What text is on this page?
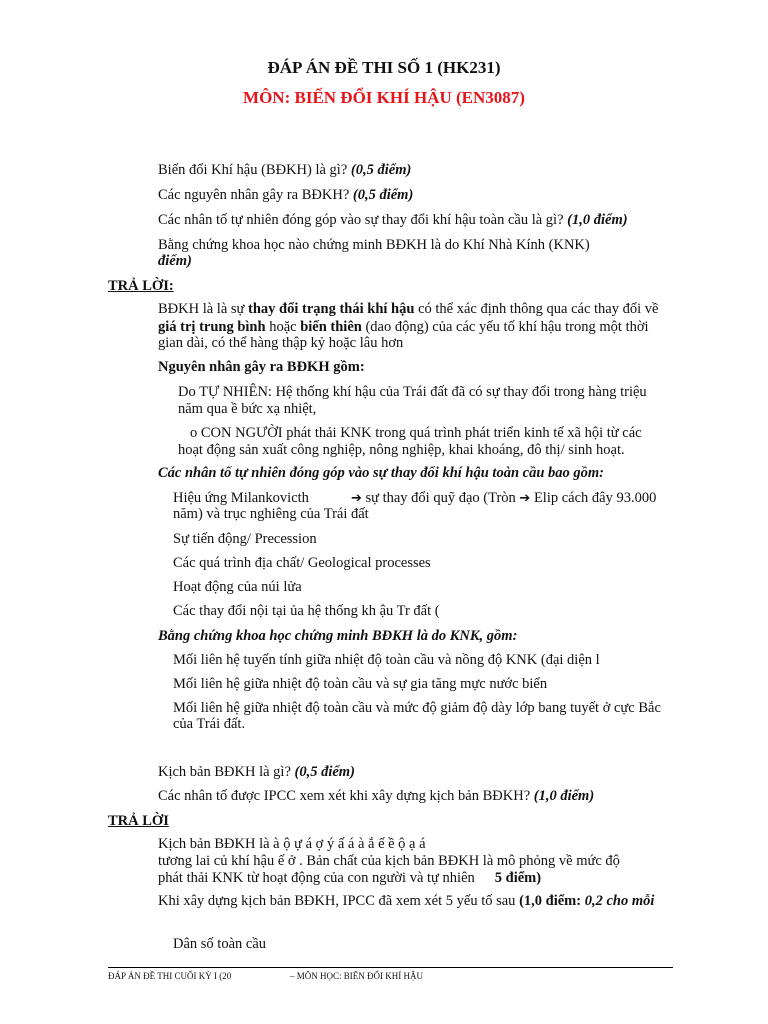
ĐÁP ÁN ĐỀ THI SỐ 1 (HK231)
MÔN: BIẾN ĐỔI KHÍ HẬU (EN3087)
Biến đổi Khí hậu (BĐKH) là gì? (0,5 điểm)
Các nguyên nhân gây ra BĐKH? (0,5 điểm)
Các nhân tố tự nhiên đóng góp vào sự thay đổi khí hậu toàn cầu là gì? (1,0 điểm)
Bằng chứng khoa học nào chứng minh BĐKH là do Khí Nhà Kính (KNK)
điểm)
TRẢ LỜI:
BĐKH là là sự thay đổi trạng thái khí hậu có thể xác định thông qua các thay đổi về
giá trị trung bình hoặc biến thiên (dao động) của các yếu tố khí hậu trong một thời
gian dài, có thể hàng thập kỷ hoặc lâu hơn
Nguyên nhân gây ra BĐKH gồm:
Do TỰ NHIÊN: Hệ thống khí hậu của Trái đất đã có sự thay đổi trong hàng triệu
năm qua ề bức xạ nhiệt,
o CON NGƯỜI phát thải KNK trong quá trình phát triển kinh tế xã hội từ các
hoạt động sản xuất công nghiệp, nông nghiệp, khai khoáng, đô thị/ sinh hoạt.
Các nhân tố tự nhiên đóng góp vào sự thay đổi khí hậu toàn cầu bao gồm:
Hiệu ứng Milankovicth	➔ sự thay đổi quỹ đạo (Tròn ➔ Elip cách đây 93.000
năm) và trục nghiêng của Trái đất
Sự tiến động/ Precession
Các quá trình địa chất/ Geological processes
Hoạt động của núi lửa
Các thay đổi nội tại ủa hệ thống kh ậu Tr đất (
Bằng chứng khoa học chứng minh BĐKH là do KNK, gồm:
Mối liên hệ tuyến tính giữa nhiệt độ toàn cầu và nồng độ KNK (đại diện l
Mối liên hệ giữa nhiệt độ toàn cầu và sự gia tăng mực nước biển
Mối liên hệ giữa nhiệt độ toàn cầu và mức độ giảm độ dày lớp bang tuyết ở cực Bắc
của Trái đất.
Kịch bản BĐKH là gì? (0,5 điểm)
Các nhân tố được IPCC xem xét khi xây dựng kịch bản BĐKH? (1,0 điểm)
TRẢ LỜI
Kịch bản BĐKH là à ộ ự á ợ ý ấ á à ắ ế ề ộ ạ á
tương lai củ khí hậu ế ở . Bản chất của kịch bản BĐKH là mô phỏng về mức độ
phát thải KNK từ hoạt động của con người và tự nhiên 5 điểm)
Khi xây dựng kịch bản BĐKH, IPCC đã xem xét 5 yếu tố sau (1,0 điểm: 0,2 cho mỗi
Dân số toàn cầu
ĐÁP ÁN ĐỀ THI CUỐI KỲ I (20	– MÔN HỌC: BIẾN ĐỔI KHÍ HẬU
